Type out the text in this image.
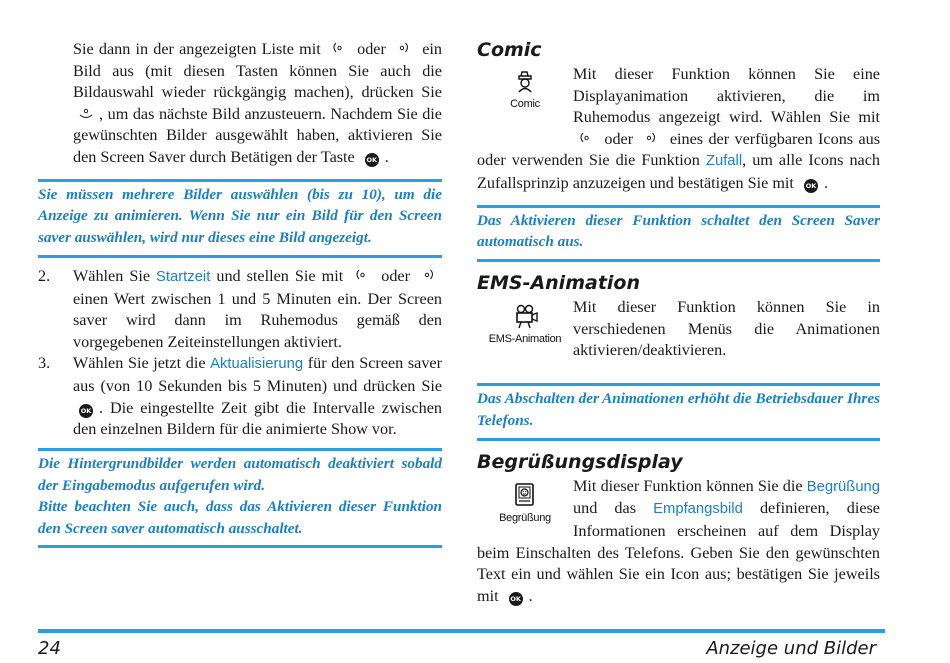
Sie dann in der angezeigten Liste mit oder ein Bild aus (mit diesen Tasten können Sie auch die Bildauswahl wieder rückgängig machen), drücken Sie , um das nächste Bild anzusteuern. Nachdem Sie die gewünschten Bilder ausgewählt haben, aktivieren Sie den Screen Saver durch Betätigen der Taste OK .

Sie müssen mehrere Bilder auswählen (bis zu 10), um die Anzeige zu animieren. Wenn Sie nur ein Bild für den Screen saver auswählen, wird nur dieses eine Bild angezeigt.

2. Wählen Sie Startzeit und stellen Sie mit oder  einen Wert zwischen 1 und 5 Minuten ein. Der Screen saver wird dann im Ruhemodus gemäß den vorgegebenen Zeiteinstellungen aktiviert.

3. Wählen Sie jetzt die Aktualisierung für den Screen saver aus (von 10 Sekunden bis 5 Minuten) und drücken Sie OK . Die eingestellte Zeit gibt die Intervalle zwischen den einzelnen Bildern für die animierte Show vor.

Die Hintergrundbilder werden automatisch deaktiviert sobald der Eingabemodus aufgerufen wird.

Bitte beachten Sie auch, dass das Aktivieren dieser Funktion den Screen saver automatisch ausschaltet.

Comic
Comic

Mit dieser Funktion können Sie eine Displayanimation aktivieren, die im Ruhemodus angezeigt wird. Wählen Sie mit  oder eines der verfügbaren Icons aus oder verwenden Sie die Funktion Zufall, um alle Icons nach Zufallsprinzip anzuzeigen und bestätigen Sie mit OK .

Das Aktivieren dieser Funktion schaltet den Screen Saver automatisch aus.

EMS-Animation
EMS-Animation

Mit dieser Funktion können Sie in verschiedenen Menüs die Animationen aktivieren/deaktivieren.

Das Abschalten der Animationen erhöht die Betriebsdauer Ihres Telefons.

Begrüßungsdisplay
Begrüßung

Mit dieser Funktion können Sie die Begrüßung und das Empfangsbild definieren, diese Informationen erscheinen auf dem Display beim Einschalten des Telefons. Geben Sie den gewünschten Text ein und wählen Sie ein Icon aus; bestätigen Sie jeweils mit OK .

24	Anzeige und Bilder
